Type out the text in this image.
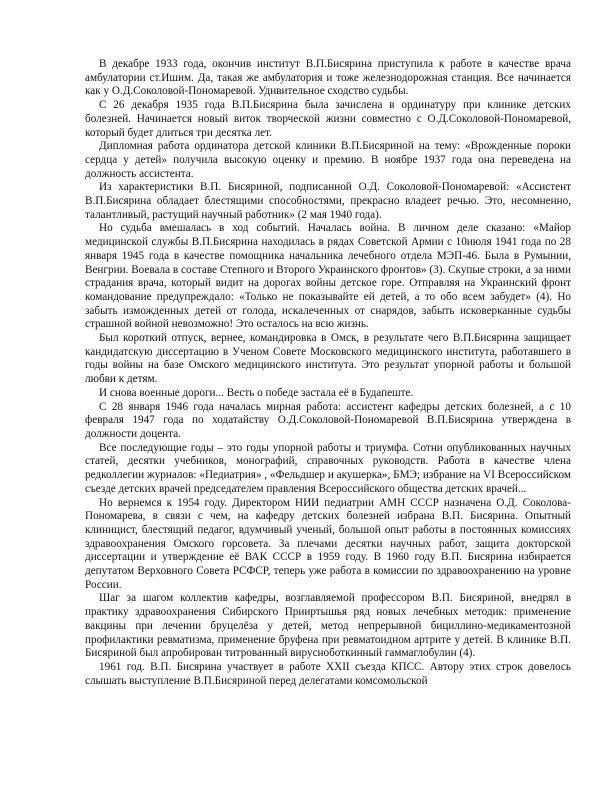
В декабре 1933 года, окончив институт В.П.Бисярина приступила к работе в качестве врача амбулатории ст.Ишим. Да, такая же амбулатория и тоже железнодорожная станция. Все начинается как у О.Д.Соколовой-Пономаревой. Удивительное сходство судьбы.

С 26 декабря 1935 года В.П.Бисярина была зачислена в ординатуру при клинике детских болезней. Начинается новый виток творческой жизни совместно с О.Д.Соколовой-Пономаревой, который будет длиться три десятка лет.

Дипломная работа ординатора детской клиники В.П.Бисяриной на тему: «Врожденные пороки сердца у детей» получила высокую оценку и премию. В ноябре 1937 года она переведена на должность ассистента.

Из характеристики В.П. Бисяриной, подписанной О.Д. Соколовой-Пономаревой: «Ассистент В.П.Бисярина обладает блестящими способностями, прекрасно владеет речью. Это, несомненно, талантливый, растущий научный работник» (2 мая 1940 года).

Но судьба вмешалась в ход событий. Началась война. В личном деле сказано: «Майор медицинской службы В.П.Бисярина находилась в рядах Советской Армии с 10июля 1941 года по 28 января 1945 года в качестве помощника начальника лечебного отдела МЭП-46. Была в Румынии, Венгрии. Воевала в составе Степного и Второго Украинского фронтов» (3). Скупые строки, а за ними страдания врача, который видит на дорогах войны детское горе. Отправляя на Украинский фронт командование предупреждало: «Только не показывайте ей детей, а то обо всем забудет» (4). Но забыть изможденных детей от голода, искалеченных от снарядов, забыть исковерканные судьбы страшной войной невозможно! Это осталось на всю жизнь.

Был короткий отпуск, вернее, командировка в Омск, в результате чего В.П.Бисярина защищает кандидатскую диссертацию в Ученом Совете Московского медицинского института, работавшего в годы войны на базе Омского медицинского института. Это результат упорной работы и большой любви к детям.

И снова военные дороги... Весть о победе застала её в Будапеште.

С 28 января 1946 года началась мирная работа: ассистент кафедры детских болезней, а с 10 февраля 1947 года по ходатайству О.Д.Соколовой-Пономаревой В.П.Бисярина утверждена в должности доцента.

Все последующие годы – это годы упорной работы и триумфа. Сотни опубликованных научных статей, десятки учебников, монографий, справочных руководств. Работа в качестве члена редколлегии журналов: «Педиатрия» , «Фельдшер и акушерка», БМЭ; избрание на VI Всероссийском съезде детских врачей председателем правления Всероссийского общества детских врачей...

Но вернемся к 1954 году. Директором НИИ педиатрии АМН СССР назначена О.Д. Соколова-Пономарева, в связи с чем, на кафедру детских болезней избрана В.П. Бисярина. Опытный клиницист, блестящий педагог, вдумчивый ученый, большой опыт работы в постоянных комиссиях здравоохранения Омского горсовета. За плечами десятки научных работ, защита докторской диссертации и утверждение её ВАК СССР в 1959 году. В 1960 году В.П. Бисярина избирается депутатом Верховного Совета РСФСР, теперь уже работа в комиссии по здравоохранению на уровне России.

Шаг за шагом коллектив кафедры, возглавляемой профессором В.П. Бисяриной, внедрял в практику здравоохранения Сибирского Прииртышья ряд новых лечебных методик: применение вакцины при лечении бруцелёза у детей, метод непрерывной бициллино-медикаментозной профилактики ревматизма, применение бруфена при ревматоидном артрите у детей. В клинике В.П. Бисяриной был апробирован титрованный вирусноботкинный гаммаглобулин (4).

1961 год. В.П. Бисярина участвует в работе XXII съезда КПСС. Автору этих строк довелось слышать выступление В.П.Бисяриной перед делегатами комсомольской
